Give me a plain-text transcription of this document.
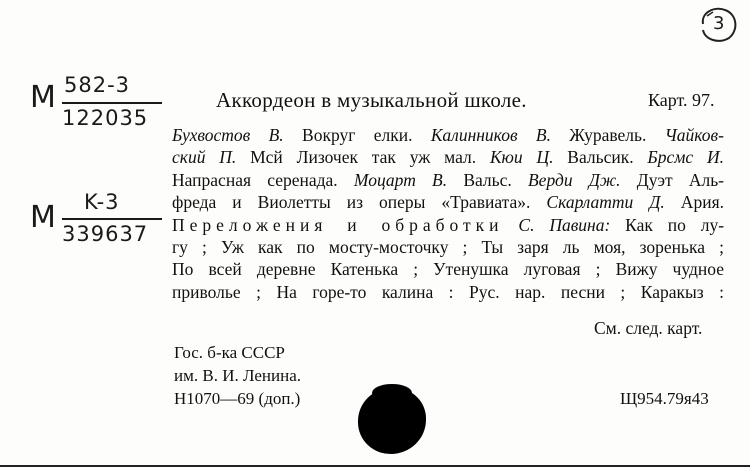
3
M 582-3
122035
M K-3
339637
Карт. 97.
Аккордеон в музыкальной школе.
Бухвостов В. Вокруг елки. Калинников В. Журавель. Чайков-
ский П. Мсй Лизочек так уж мал. Кюи Ц. Вальсик. Брсмс И.
Напрасная серенада. Моцарт В. Вальс. Верди Дж. Дуэт Аль-
фреда и Виолетты из оперы «Травиата». Скарлатти Д. Ария.
Переложения и обработки С. Павина: Как по лу-
гу ; Уж как по мосту-мосточку ; Ты заря ль моя, зоренька ;
По всей деревне Катенька ; Утенушка луговая ; Вижу чудное
приволье ; На горе-то калина : Рус. нар. песни ; Каракыз :
См. след. карт.
Гос. б-ка СССР
им. В. И. Ленина.
Н1070—69 (доп.)	Щ954.79я43
